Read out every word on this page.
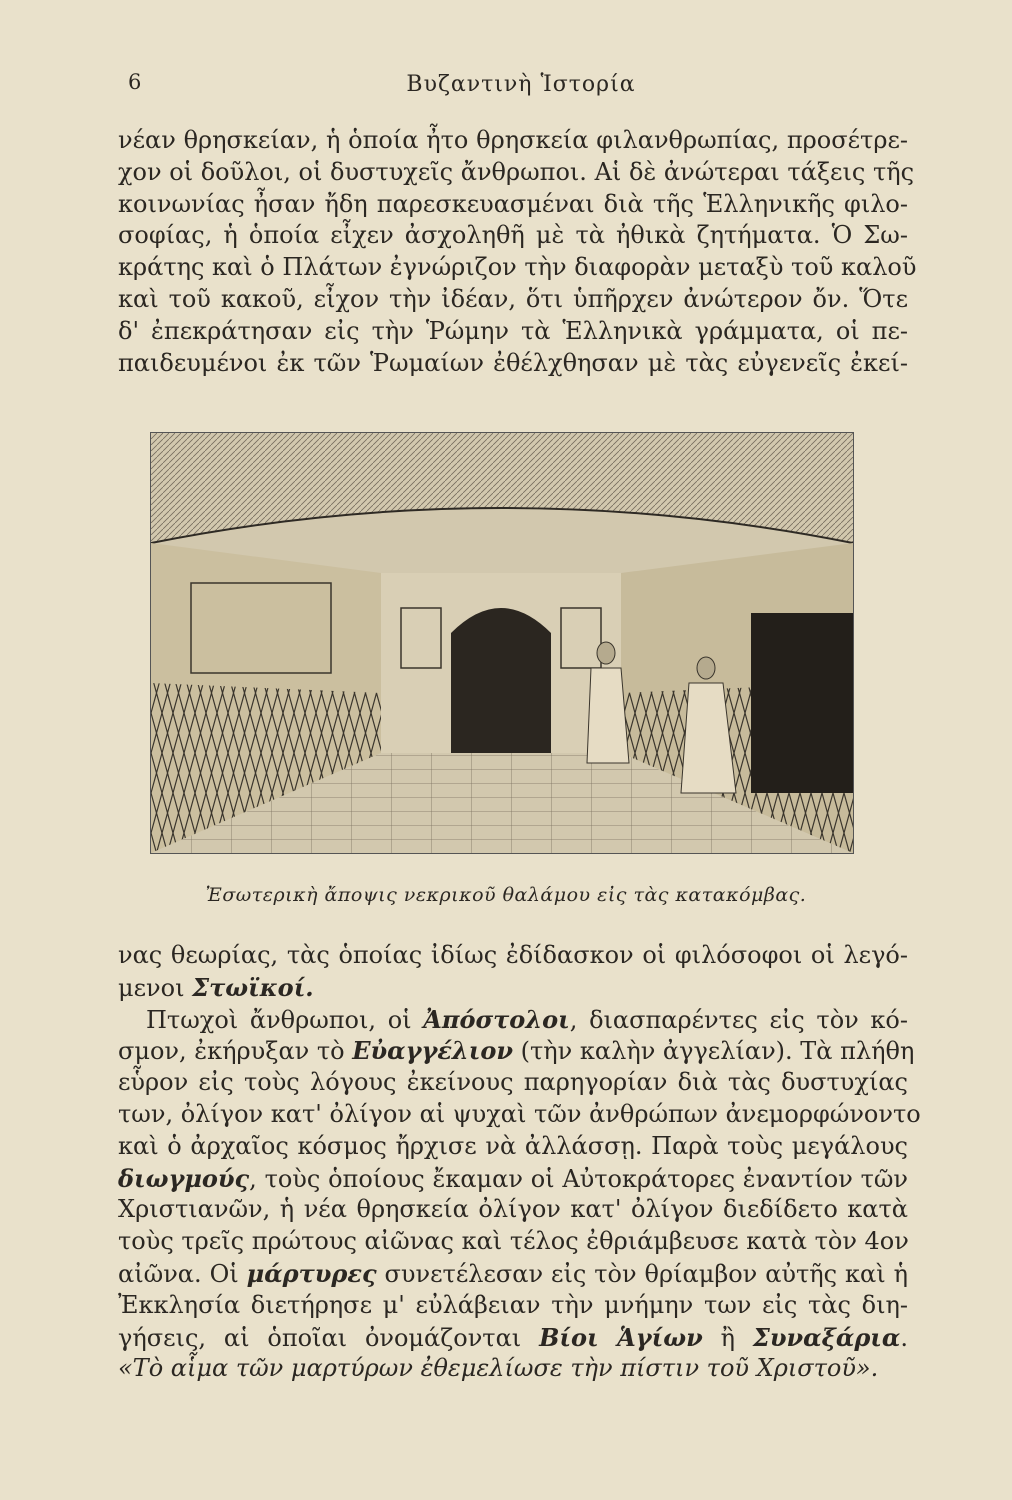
6	Βυζαντινὴ Ἱστορία
νέαν θρησκείαν, ἡ ὁποία ἦτο θρησκεία φιλανθρωπίας, προσέτρε-
χον οἱ δοῦλοι, οἱ δυστυχεῖς ἄνθρωποι. Αἱ δὲ ἀνώτεραι τάξεις τῆς
κοινωνίας ἦσαν ἤδη παρεσκευασμέναι διὰ τῆς Ἑλληνικῆς φιλο-
σοφίας, ἡ ὁποία εἶχεν ἀσχοληθῆ μὲ τὰ ἠθικὰ ζητήματα. Ὁ Σω-
κράτης καὶ ὁ Πλάτων ἐγνώριζον τὴν διαφορὰν μεταξὺ τοῦ καλοῦ
καὶ τοῦ κακοῦ, εἶχον τὴν ἰδέαν, ὅτι ὑπῆρχεν ἀνώτερον ὄν. Ὅτε
δ' ἐπεκράτησαν εἰς τὴν Ῥώμην τὰ Ἑλληνικὰ γράμματα, οἱ πε-
παιδευμένοι ἐκ τῶν Ῥωμαίων ἐθέλχθησαν μὲ τὰς εὐγενεῖς ἐκεί-
Ἐσωτερικὴ ἄποψις νεκρικοῦ θαλάμου εἰς τὰς κατακόμβας.
νας θεωρίας, τὰς ὁποίας ἰδίως ἐδίδασκον οἱ φιλόσοφοι οἱ λεγό-
μενοι Στωϊκοί.
Πτωχοὶ ἄνθρωποι, οἱ Ἀπόστολοι, διασπαρέντες εἰς τὸν κό-
σμον, ἐκήρυξαν τὸ Εὐαγγέλιον (τὴν καλὴν ἀγγελίαν). Τὰ πλήθη
εὗρον εἰς τοὺς λόγους ἐκείνους παρηγορίαν διὰ τὰς δυστυχίας
των, ὀλίγον κατ' ὀλίγον αἱ ψυχαὶ τῶν ἀνθρώπων ἀνεμορφώνοντο
καὶ ὁ ἀρχαῖος κόσμος ἤρχισε νὰ ἀλλάσσῃ. Παρὰ τοὺς μεγάλους
διωγμούς, τοὺς ὁποίους ἔκαμαν οἱ Αὐτοκράτορες ἐναντίον τῶν
Χριστιανῶν, ἡ νέα θρησκεία ὀλίγον κατ' ὀλίγον διεδίδετο κατὰ
τοὺς τρεῖς πρώτους αἰῶνας καὶ τέλος ἐθριάμβευσε κατὰ τὸν 4ον
αἰῶνα. Οἱ μάρτυρες συνετέλεσαν εἰς τὸν θρίαμβον αὐτῆς καὶ ἡ
Ἐκκλησία διετήρησε μ' εὐλάβειαν τὴν μνήμην των εἰς τὰς διη-
γήσεις, αἱ ὁποῖαι ὀνομάζονται Βίοι Ἁγίων ἢ Συναξάρια.
«Τὸ αἷμα τῶν μαρτύρων ἐθεμελίωσε τὴν πίστιν τοῦ Χριστοῦ».
